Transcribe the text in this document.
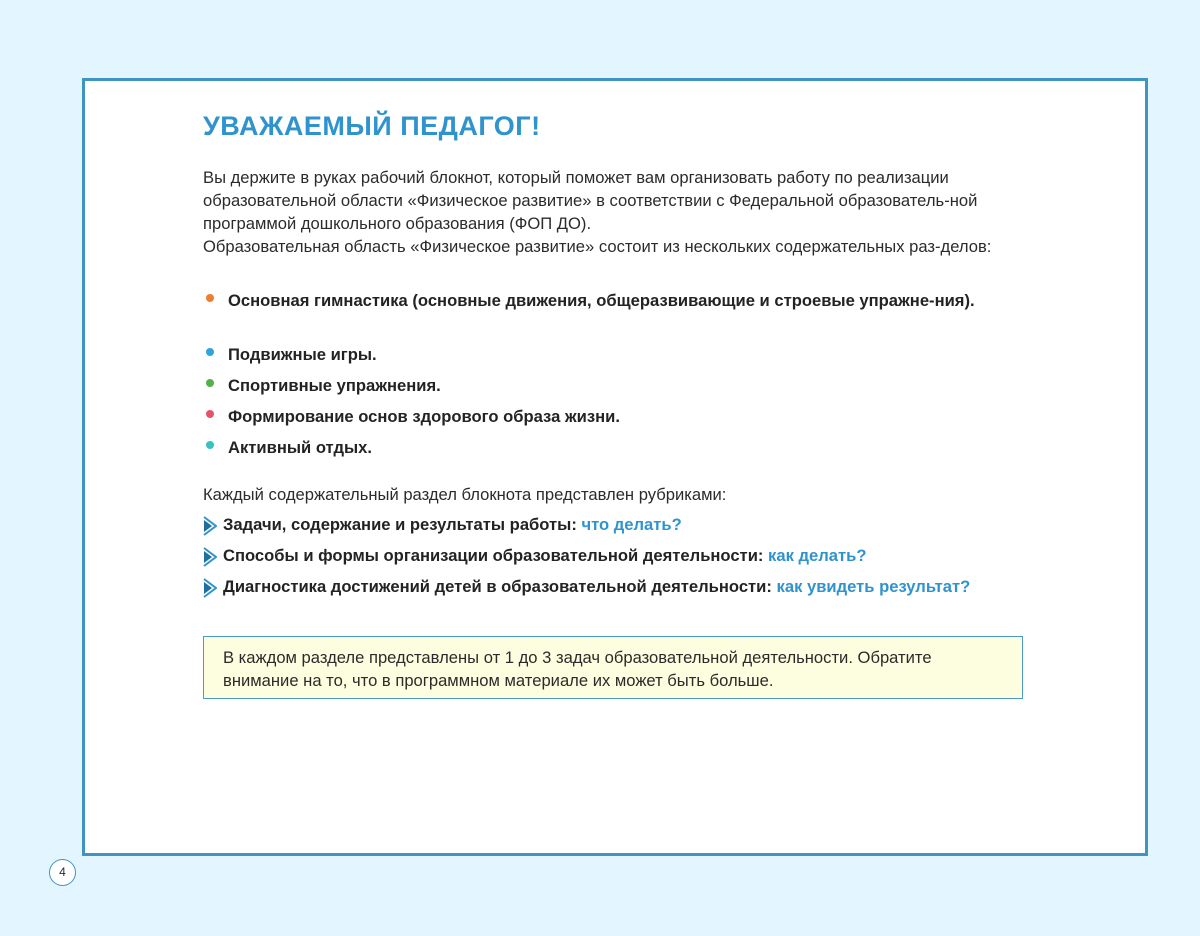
УВАЖАЕМЫЙ ПЕДАГОГ!

Вы держите в руках рабочий блокнот, который поможет вам организовать работу по реализации образовательной области «Физическое развитие» в соответствии с Федеральной образователь-ной программой дошкольного образования (ФОП ДО).

Образовательная область «Физическое развитие» состоит из нескольких содержательных раз-делов:

Основная гимнастика (основные движения, общеразвивающие и строевые упражне-ния).
Подвижные игры.
Спортивные упражнения.
Формирование основ здорового образа жизни.
Активный отдых.

Каждый содержательный раздел блокнота представлен рубриками:

Задачи, содержание и результаты работы: что делать?
Способы и формы организации образовательной деятельности: как делать?
Диагностика достижений детей в образовательной деятельности: как увидеть результат?

В каждом разделе представлены от 1 до 3 задач образовательной деятельности. Обратите внимание на то, что в программном материале их может быть больше.

4
